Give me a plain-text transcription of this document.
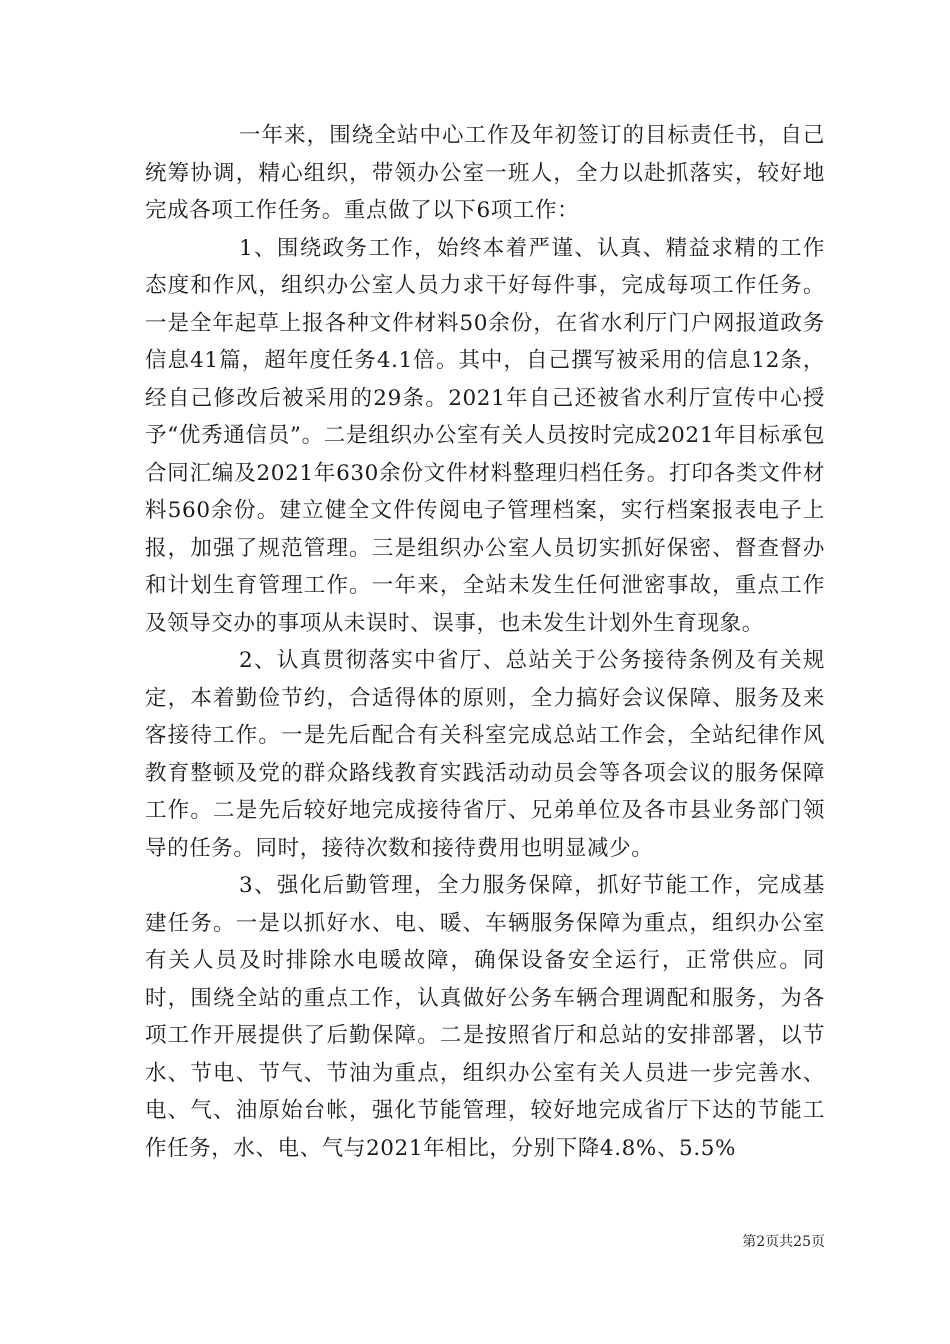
一年来，围绕全站中心工作及年初签订的目标责任书，自己统筹协调，精心组织，带领办公室一班人，全力以赴抓落实，较好地完成各项工作任务。重点做了以下6项工作：

1、围绕政务工作，始终本着严谨、认真、精益求精的工作态度和作风，组织办公室人员力求干好每件事，完成每项工作任务。一是全年起草上报各种文件材料50余份，在省水利厅门户网报道政务信息41篇，超年度任务4.1倍。其中，自己撰写被采用的信息12条，经自己修改后被采用的29条。2021年自己还被省水利厅宣传中心授予“优秀通信员”。二是组织办公室有关人员按时完成2021年目标承包合同汇编及2021年630余份文件材料整理归档任务。打印各类文件材料560余份。建立健全文件传阅电子管理档案，实行档案报表电子上报，加强了规范管理。三是组织办公室人员切实抓好保密、督查督办和计划生育管理工作。一年来，全站未发生任何泄密事故，重点工作及领导交办的事项从未误时、误事，也未发生计划外生育现象。

2、认真贯彻落实中省厅、总站关于公务接待条例及有关规定，本着勤俭节约，合适得体的原则，全力搞好会议保障、服务及来客接待工作。一是先后配合有关科室完成总站工作会，全站纪律作风教育整顿及党的群众路线教育实践活动动员会等各项会议的服务保障工作。二是先后较好地完成接待省厅、兄弟单位及各市县业务部门领导的任务。同时，接待次数和接待费用也明显减少。

3、强化后勤管理，全力服务保障，抓好节能工作，完成基建任务。一是以抓好水、电、暖、车辆服务保障为重点，组织办公室有关人员及时排除水电暖故障，确保设备安全运行，正常供应。同时，围绕全站的重点工作，认真做好公务车辆合理调配和服务，为各项工作开展提供了后勤保障。二是按照省厅和总站的安排部署，以节水、节电、节气、节油为重点，组织办公室有关人员进一步完善水、电、气、油原始台帐，强化节能管理，较好地完成省厅下达的节能工作任务，水、电、气与2021年相比，分别下降4.8%、5.5%

第2页共25页
